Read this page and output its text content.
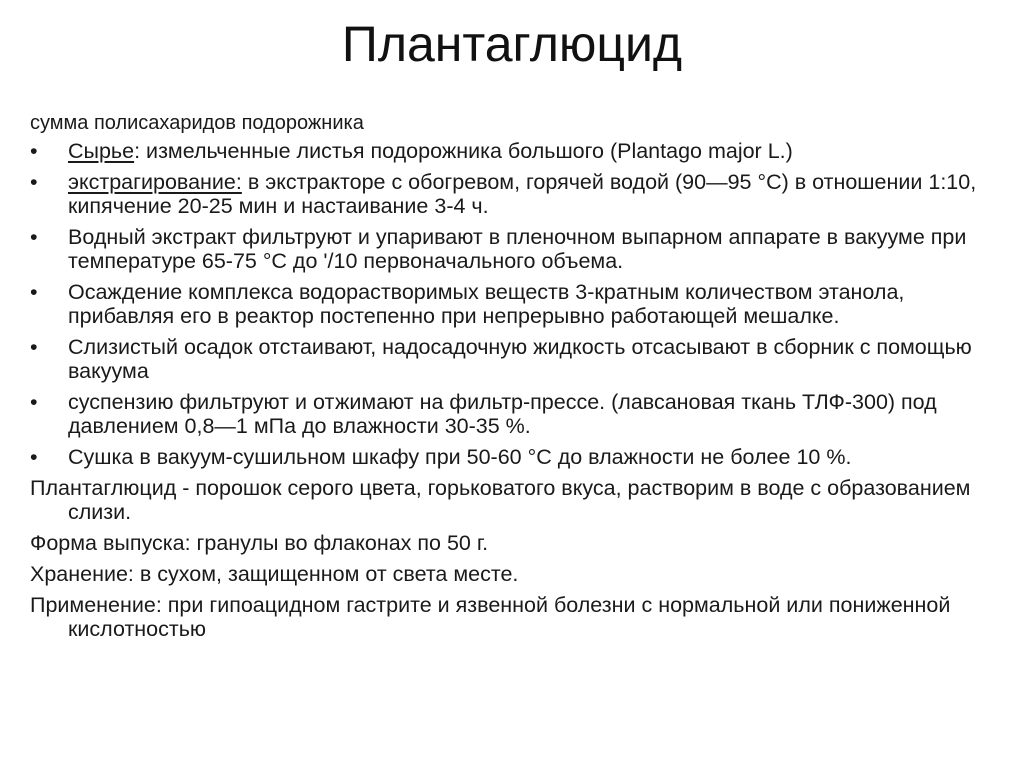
Плантаглюцид
сумма полисахаридов подорожника
•	Сырье: измельченные листья подорожника большого (Plantago major L.)
•	экстрагирование: в экстракторе с обогревом, горячей водой (90—95 °С) в отношении 1:10, кипячение 20-25 мин и настаивание 3-4 ч.
•	Водный экстракт фильтруют и упаривают в пленочном выпарном аппарате в вакууме при температуре 65-75 °С до '/10 первоначального объема.
•	Осаждение комплекса водорастворимых веществ 3-кратным количеством этанола, прибавляя его в реактор постепенно при непрерывно работающей мешалке.
•	Слизистый осадок отстаивают, надосадочную жидкость отсасывают в сборник с помощью вакуума
•	суспензию фильтруют и отжимают на фильтр-прессе. (лавсановая ткань ТЛФ-300) под давлением 0,8—1 мПа до влажности 30-35 %.
•	Сушка в вакуум-сушильном шкафу при 50-60 °С до влажности не более 10 %.
Плантаглюцид - порошок серого цвета, горьковатого вкуса, растворим в воде с образованием слизи.
Форма выпуска: гранулы во флаконах по 50 г.
Хранение: в сухом, защищенном от света месте.
Применение: при гипоацидном гастрите и язвенной болезни с нормальной или пониженной кислотностью
